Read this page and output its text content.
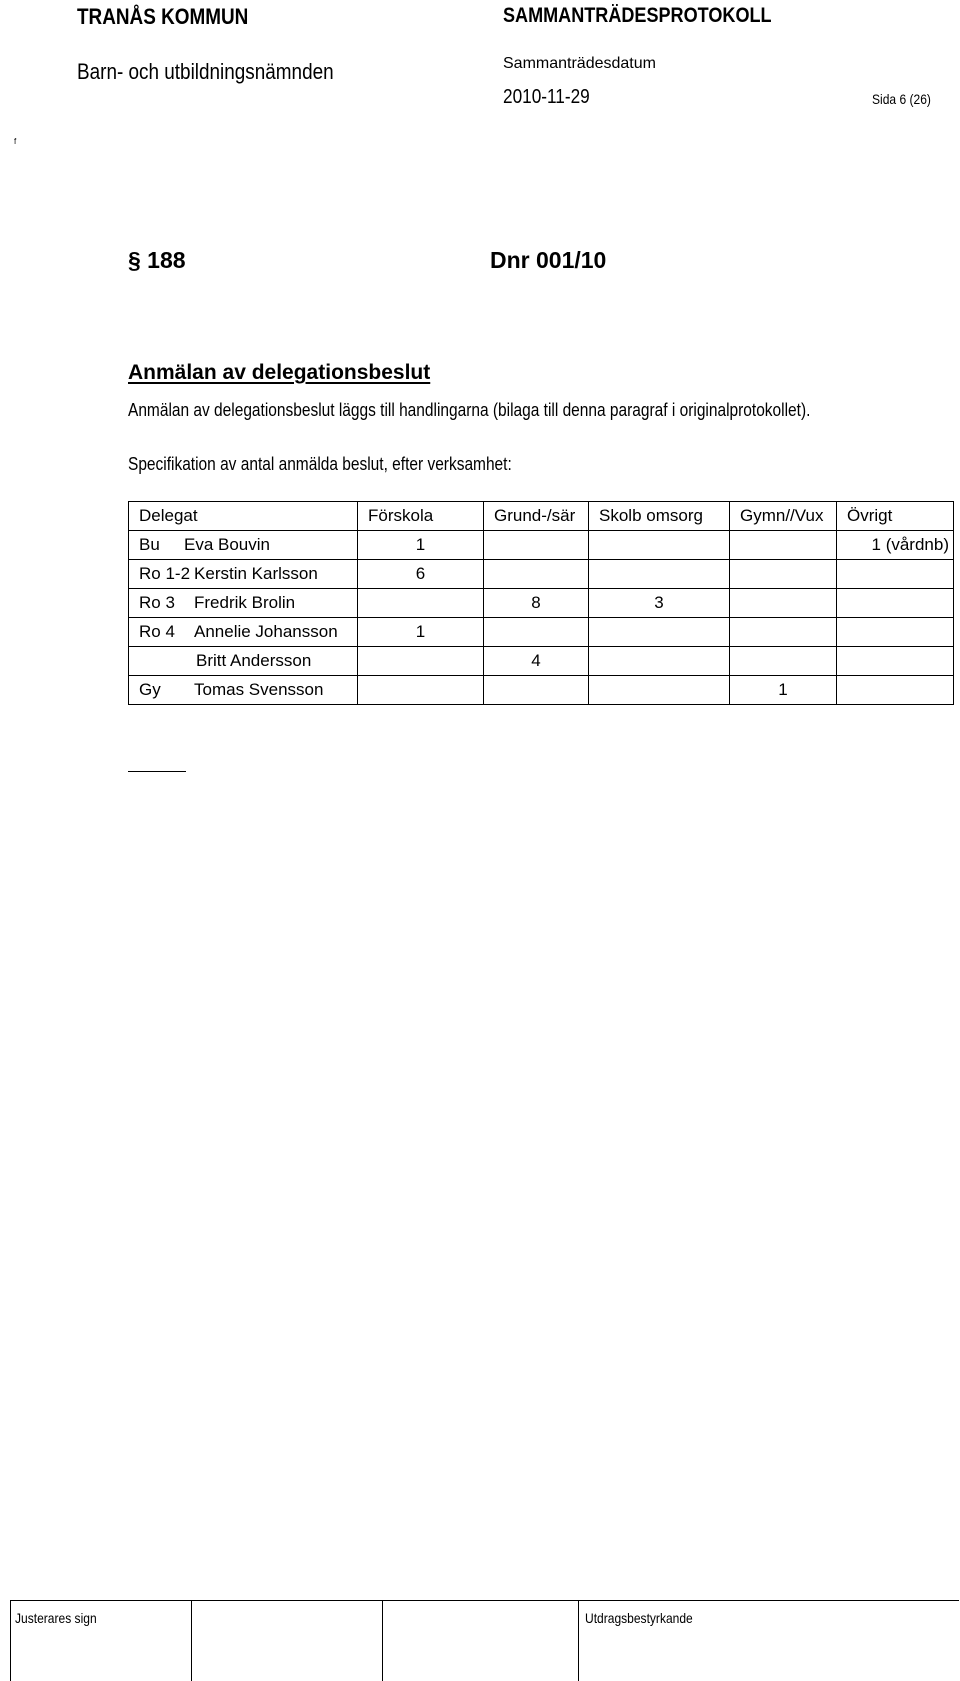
TRANÅS KOMMUN	SAMMANTRÄDESPROTOKOLL
Barn- och utbildningsnämnden	Sammanträdesdatum
2010-11-29	Sida 6 (26)
f
§ 188	Dnr 001/10
Anmälan av delegationsbeslut
Anmälan av delegationsbeslut läggs till handlingarna (bilaga till denna paragraf i originalprotokollet).
Specifikation av antal anmälda beslut, efter verksamhet:
Delegat	Förskola	Grund-/sär	Skolb omsorg	Gymn//Vux	Övrigt
Bu Eva Bouvin	1				1 (vårdnb)
Ro 1-2 Kerstin Karlsson	6				
Ro 3 Fredrik Brolin		8	3		
Ro 4 Annelie Johansson	1				
Britt Andersson		4			
Gy Tomas Svensson				1	
Justerares sign	Utdragsbestyrkande
